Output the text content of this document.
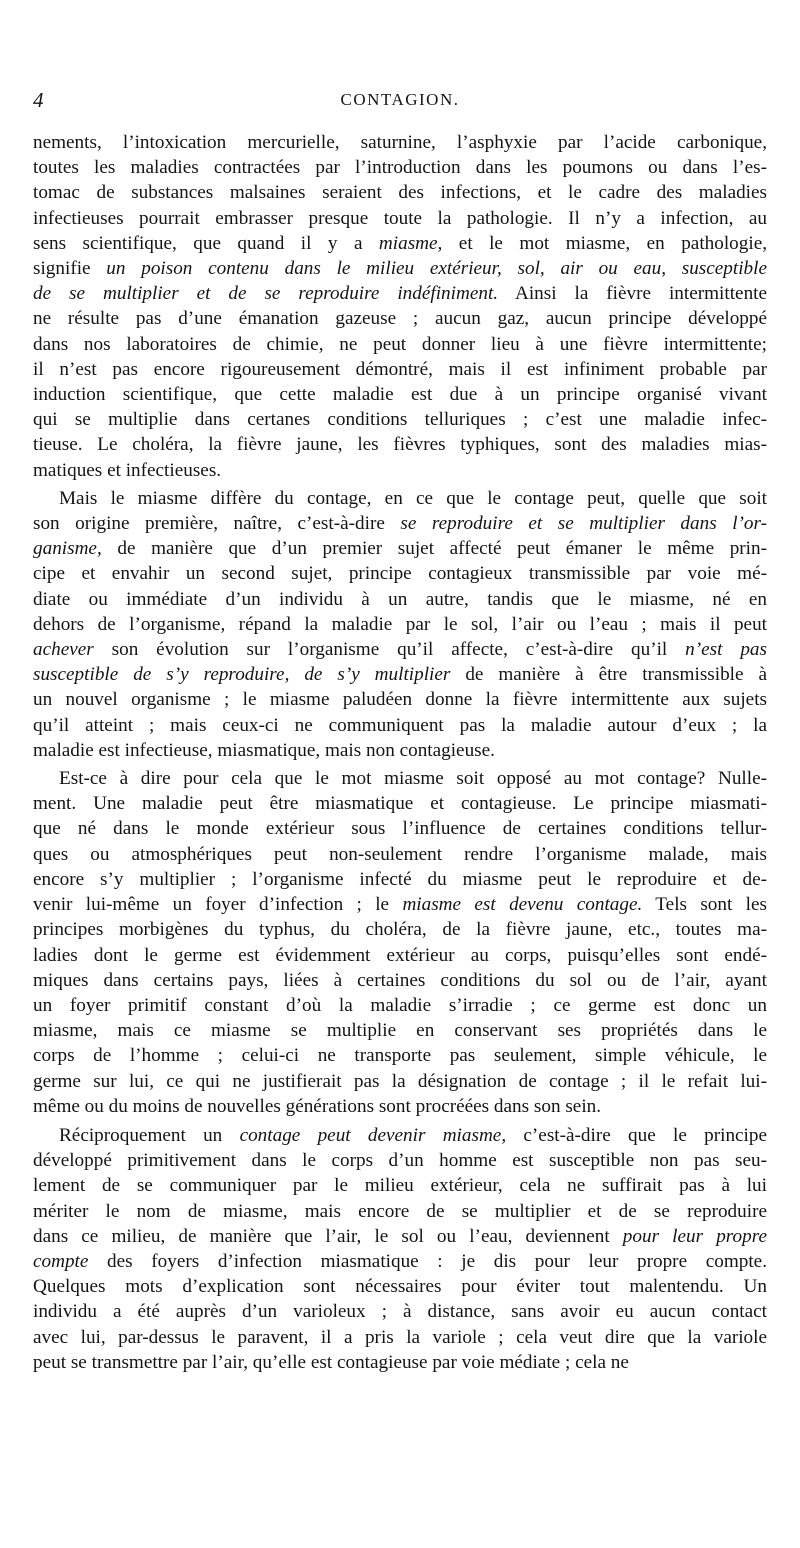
4	CONTAGION.
nements, l’intoxication mercurielle, saturnine, l’asphyxie par l’acide carbonique,
toutes les maladies contractées par l’introduction dans les poumons ou dans l’es-
tomac de substances malsaines seraient des infections, et le cadre des maladies
infectieuses pourrait embrasser presque toute la pathologie. Il n’y a infection, au
sens scientifique, que quand il y a miasme, et le mot miasme, en pathologie,
signifie un poison contenu dans le milieu extérieur, sol, air ou eau, susceptible
de se multiplier et de se reproduire indéfiniment. Ainsi la fièvre intermittente
ne résulte pas d’une émanation gazeuse ; aucun gaz, aucun principe développé
dans nos laboratoires de chimie, ne peut donner lieu à une fièvre intermittente;
il n’est pas encore rigoureusement démontré, mais il est infiniment probable par
induction scientifique, que cette maladie est due à un principe organisé vivant
qui se multiplie dans certanes conditions telluriques ; c’est une maladie infec-
tieuse. Le choléra, la fièvre jaune, les fièvres typhiques, sont des maladies mias-
matiques et infectieuses.
Mais le miasme diffère du contage, en ce que le contage peut, quelle que soit
son origine première, naître, c’est-à-dire se reproduire et se multiplier dans l’or-
ganisme, de manière que d’un premier sujet affecté peut émaner le même prin-
cipe et envahir un second sujet, principe contagieux transmissible par voie mé-
diate ou immédiate d’un individu à un autre, tandis que le miasme, né en
dehors de l’organisme, répand la maladie par le sol, l’air ou l’eau ; mais il peut
achever son évolution sur l’organisme qu’il affecte, c’est-à-dire qu’il n’est pas
susceptible de s’y reproduire, de s’y multiplier de manière à être transmissible à
un nouvel organisme ; le miasme paludéen donne la fièvre intermittente aux sujets
qu’il atteint ; mais ceux-ci ne communiquent pas la maladie autour d’eux ; la
maladie est infectieuse, miasmatique, mais non contagieuse.
Est-ce à dire pour cela que le mot miasme soit opposé au mot contage? Nulle-
ment. Une maladie peut être miasmatique et contagieuse. Le principe miasmati-
que né dans le monde extérieur sous l’influence de certaines conditions tellur-
ques ou atmosphériques peut non-seulement rendre l’organisme malade, mais
encore s’y multiplier ; l’organisme infecté du miasme peut le reproduire et de-
venir lui-même un foyer d’infection ; le miasme est devenu contage. Tels sont les
principes morbigènes du typhus, du choléra, de la fièvre jaune, etc., toutes ma-
ladies dont le germe est évidemment extérieur au corps, puisqu’elles sont endé-
miques dans certains pays, liées à certaines conditions du sol ou de l’air, ayant
un foyer primitif constant d’où la maladie s’irradie ; ce germe est donc un
miasme, mais ce miasme se multiplie en conservant ses propriétés dans le
corps de l’homme ; celui-ci ne transporte pas seulement, simple véhicule, le
germe sur lui, ce qui ne justifierait pas la désignation de contage ; il le refait lui-
même ou du moins de nouvelles générations sont procréées dans son sein.
Réciproquement un contage peut devenir miasme, c’est-à-dire que le principe
développé primitivement dans le corps d’un homme est susceptible non pas seu-
lement de se communiquer par le milieu extérieur, cela ne suffirait pas à lui
mériter le nom de miasme, mais encore de se multiplier et de se reproduire
dans ce milieu, de manière que l’air, le sol ou l’eau, deviennent pour leur propre
compte des foyers d’infection miasmatique : je dis pour leur propre compte.
Quelques mots d’explication sont nécessaires pour éviter tout malentendu. Un
individu a été auprès d’un varioleux ; à distance, sans avoir eu aucun contact
avec lui, par-dessus le paravent, il a pris la variole ; cela veut dire que la variole
peut se transmettre par l’air, qu’elle est contagieuse par voie médiate ; cela ne
